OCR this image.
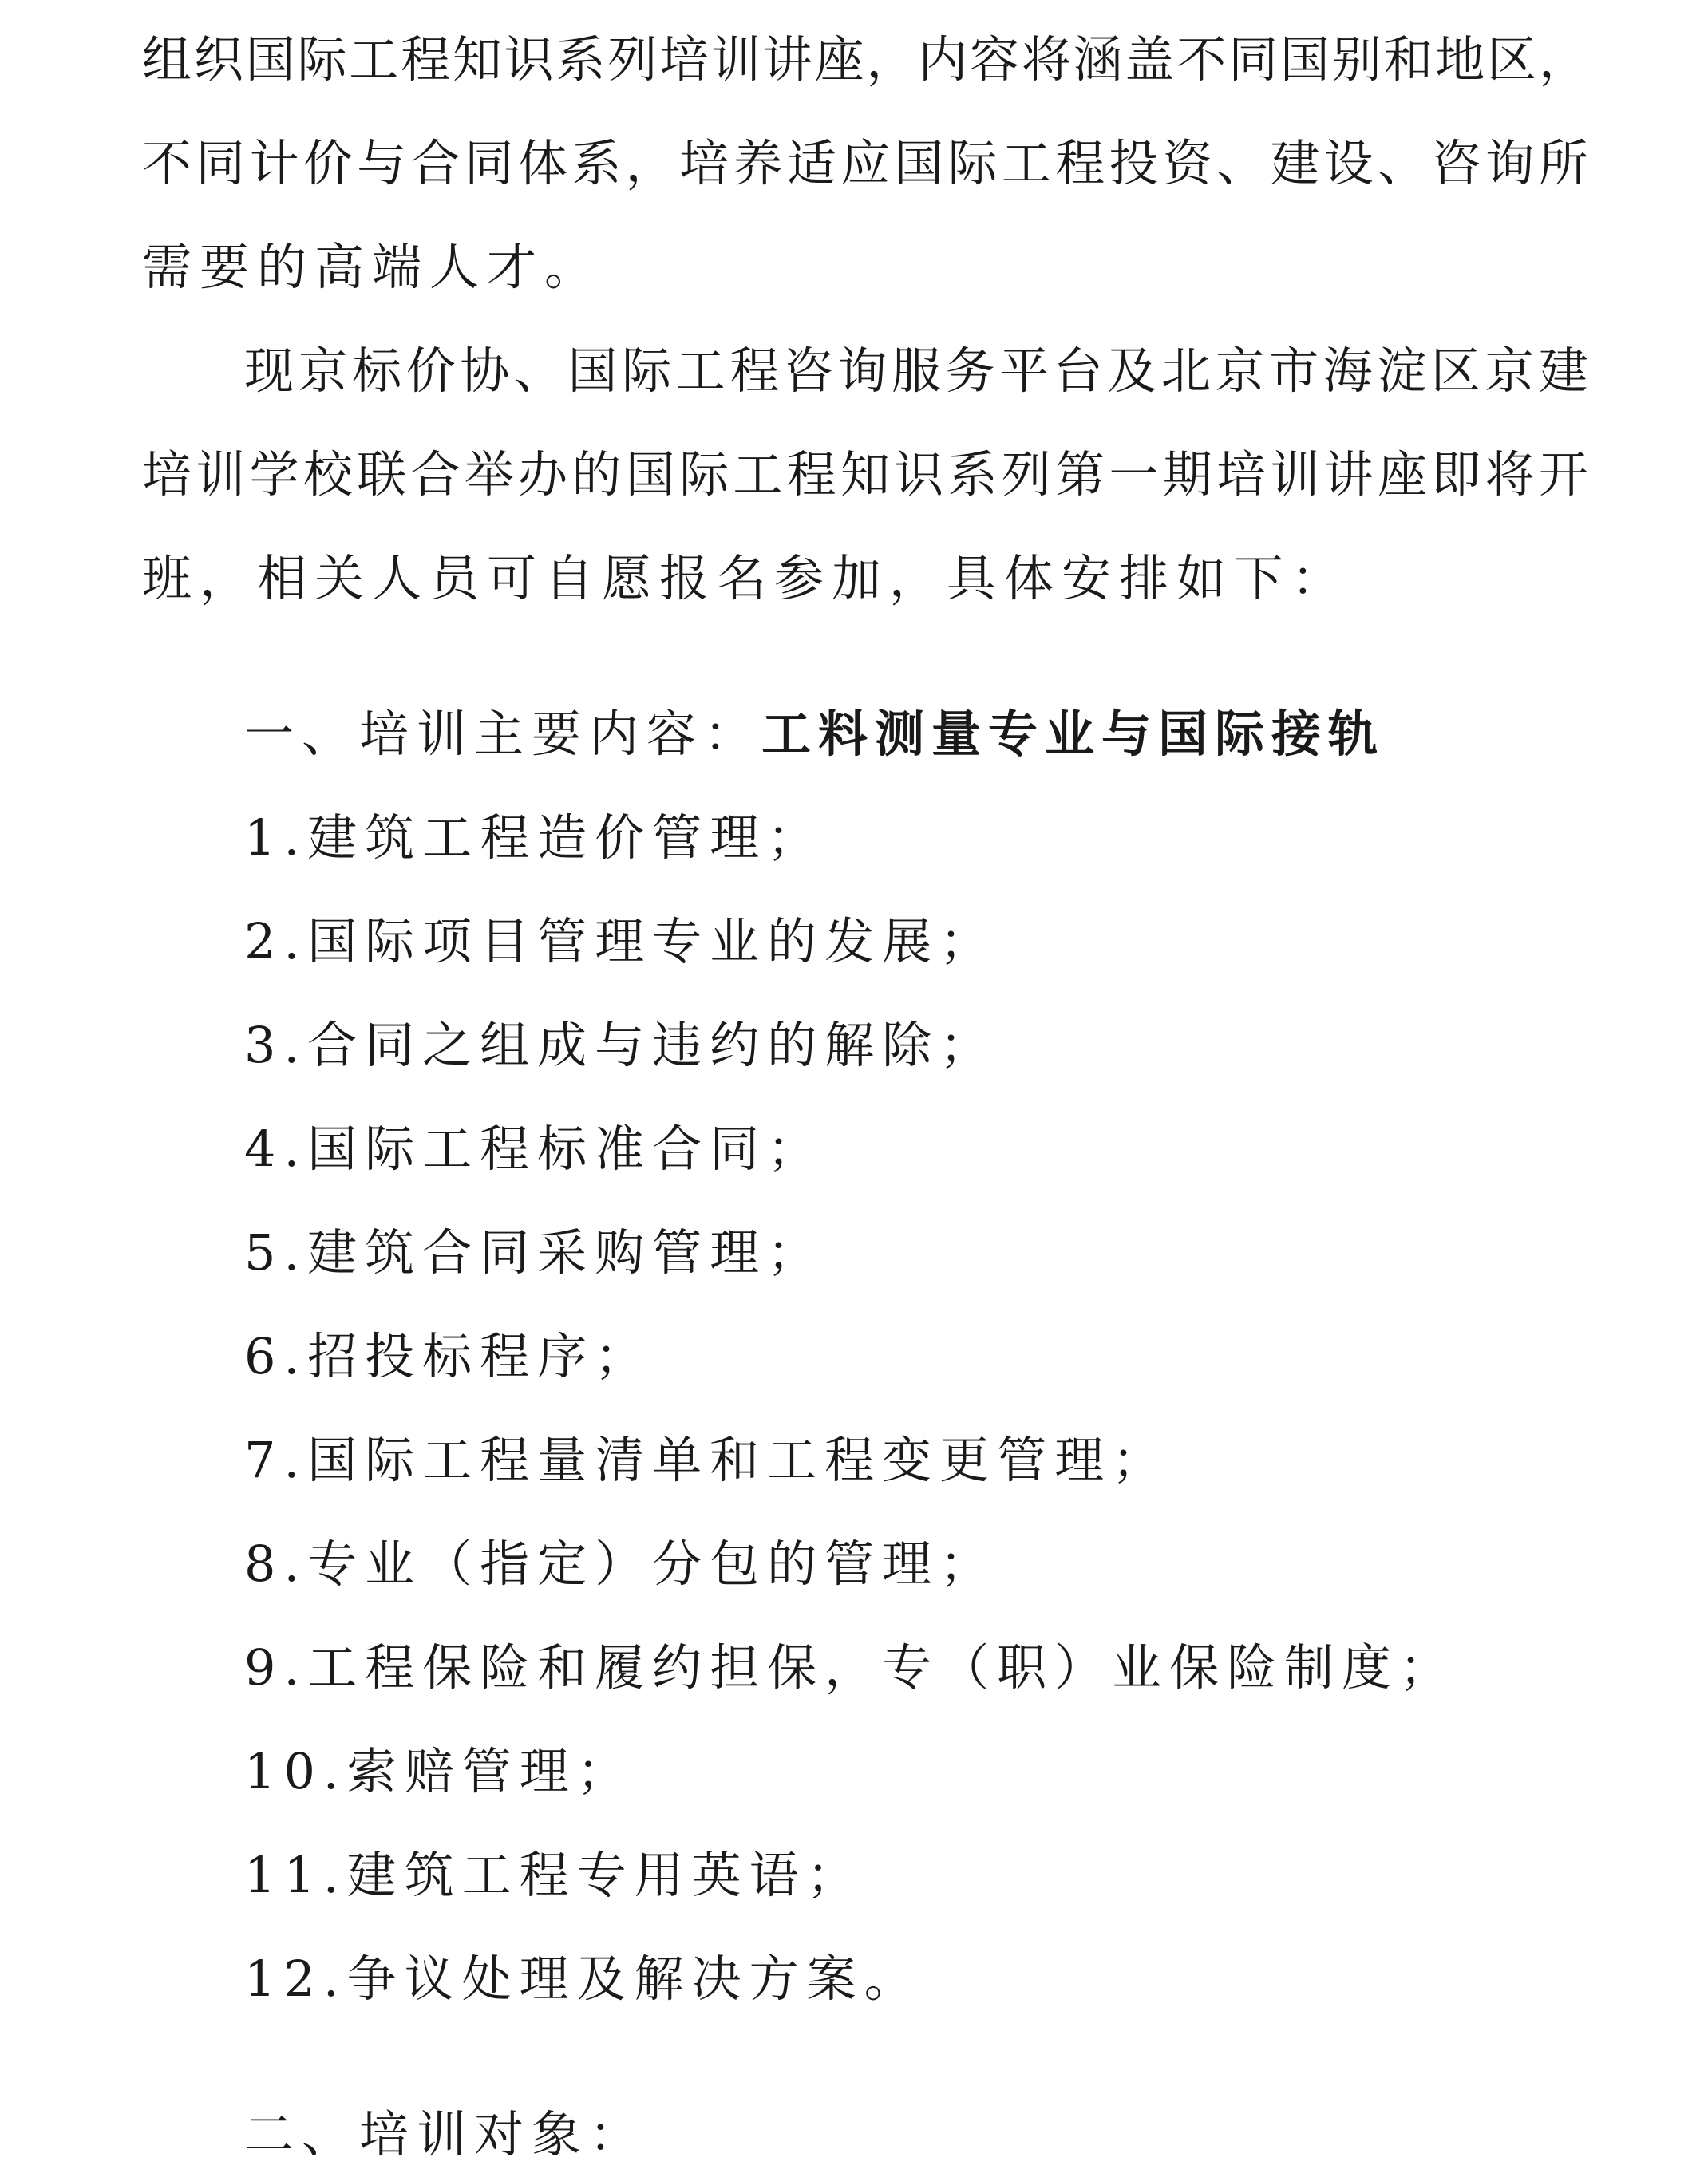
组织国际工程知识系列培训讲座，内容将涵盖不同国别和地区，
不同计价与合同体系，培养适应国际工程投资、建设、咨询所
需要的高端人才。
现京标价协、国际工程咨询服务平台及北京市海淀区京建
培训学校联合举办的国际工程知识系列第一期培训讲座即将开
班，相关人员可自愿报名参加，具体安排如下：
一、培训主要内容：工料测量专业与国际接轨
1.建筑工程造价管理；
2.国际项目管理专业的发展；
3.合同之组成与违约的解除；
4.国际工程标准合同；
5.建筑合同采购管理；
6.招投标程序；
7.国际工程量清单和工程变更管理；
8.专业（指定）分包的管理；
9.工程保险和履约担保，专（职）业保险制度；
10.索赔管理；
11.建筑工程专用英语；
12.争议处理及解决方案。
二、培训对象：
